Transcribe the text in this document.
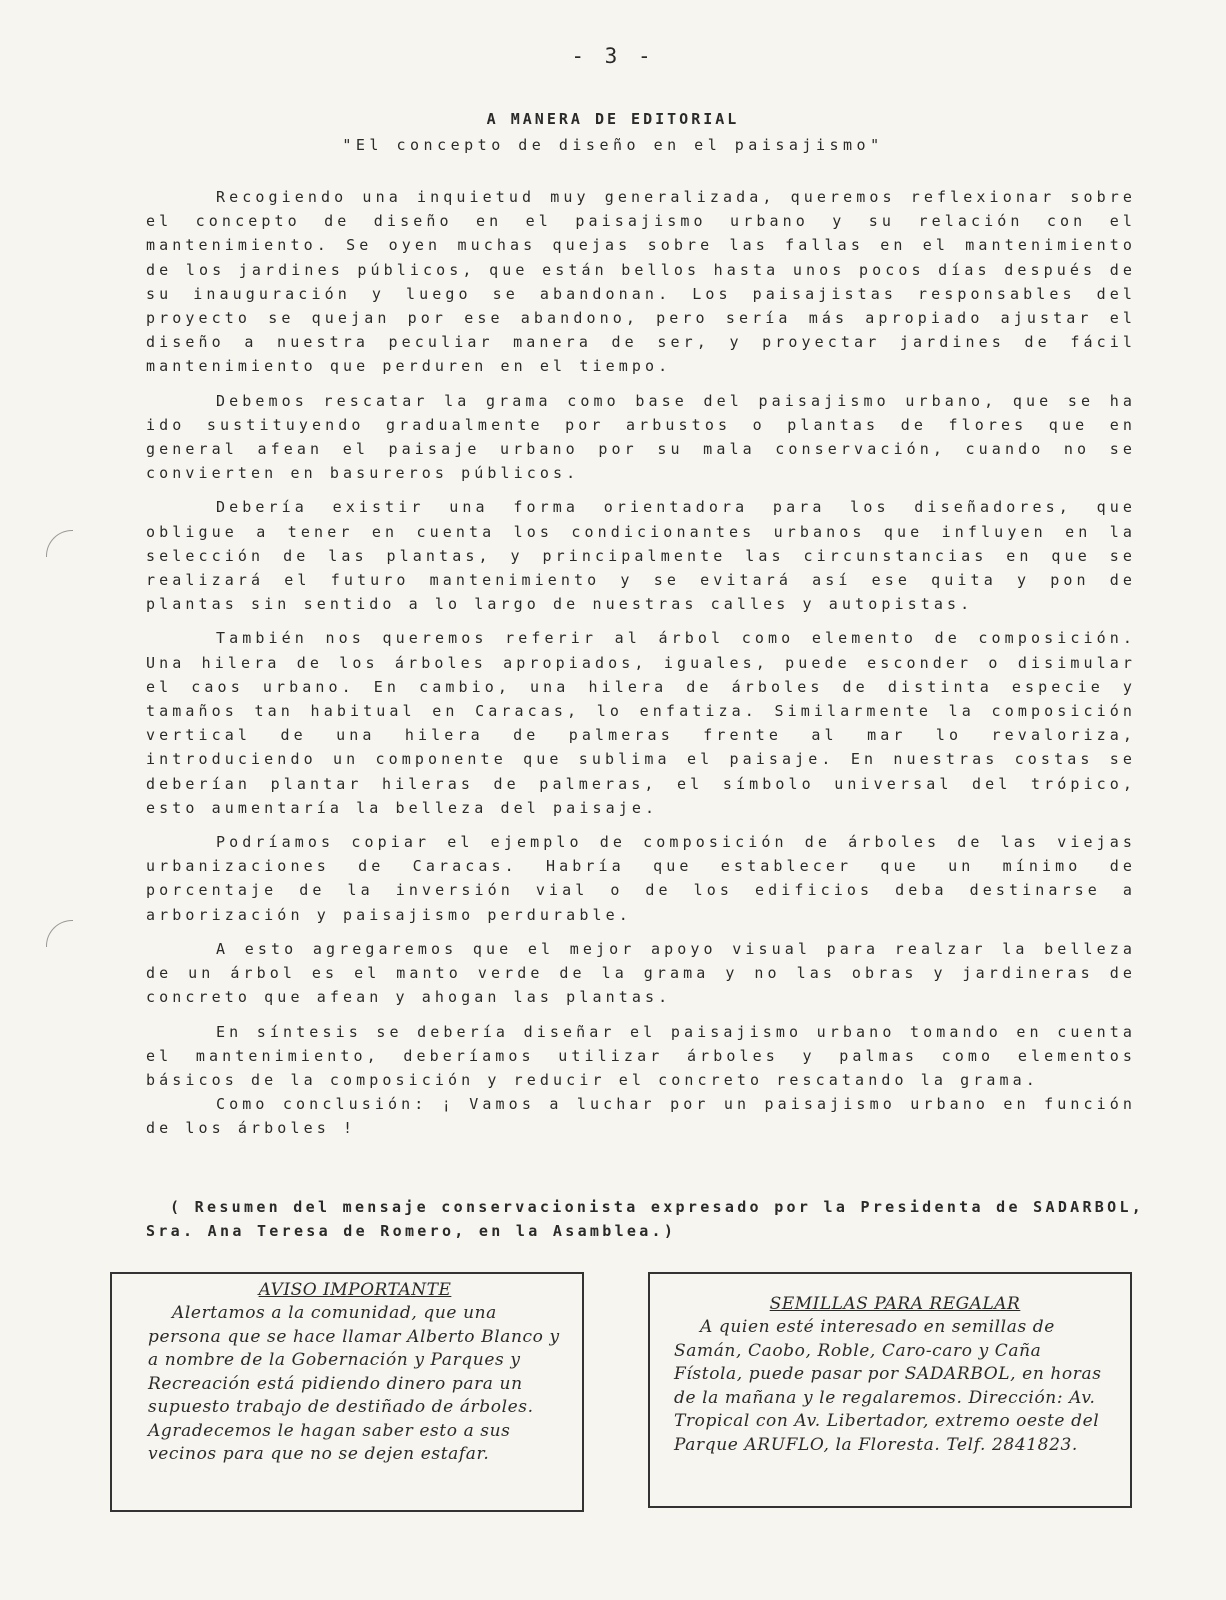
- 3 -
A MANERA DE EDITORIAL
"El concepto de diseño en el paisajismo"

Recogiendo una inquietud muy generalizada, queremos reflexionar sobre el concepto de diseño en el paisajismo urbano y su relación con el mantenimiento. Se oyen muchas quejas sobre las fallas en el mantenimiento de los jardines públicos, que están bellos hasta unos pocos días después de su inauguración y luego se abandonan. Los paisajistas responsables del proyecto se quejan por ese abandono, pero sería más apropiado ajustar el diseño a nuestra peculiar manera de ser, y proyectar jardines de fácil mantenimiento que perduren en el tiempo.

Debemos rescatar la grama como base del paisajismo urbano, que se ha ido sustituyendo gradualmente por arbustos o plantas de flores que en general afean el paisaje urbano por su mala conservación, cuando no se convierten en basureros públicos.

Debería existir una forma orientadora para los diseñadores, que obligue a tener en cuenta los condicionantes urbanos que influyen en la selección de las plantas, y principalmente las circunstancias en que se realizará el futuro mantenimiento y se evitará así ese quita y pon de plantas sin sentido a lo largo de nuestras calles y autopistas.

También nos queremos referir al árbol como elemento de composición. Una hilera de los árboles apropiados, iguales, puede esconder o disimular el caos urbano. En cambio, una hilera de árboles de distinta especie y tamaños tan habitual en Caracas, lo enfatiza. Similarmente la composición vertical de una hilera de palmeras frente al mar lo revaloriza, introduciendo un componente que sublima el paisaje. En nuestras costas se deberían plantar hileras de palmeras, el símbolo universal del trópico, esto aumentaría la belleza del paisaje.

Podríamos copiar el ejemplo de composición de árboles de las viejas urbanizaciones de Caracas. Habría que establecer que un mínimo de porcentaje de la inversión vial o de los edificios deba destinarse a arborización y paisajismo perdurable.

A esto agregaremos que el mejor apoyo visual para realzar la belleza de un árbol es el manto verde de la grama y no las obras y jardineras de concreto que afean y ahogan las plantas.

En síntesis se debería diseñar el paisajismo urbano tomando en cuenta el mantenimiento, deberíamos utilizar árboles y palmas como elementos básicos de la composición y reducir el concreto rescatando la grama.

Como conclusión: ¡ Vamos a luchar por un paisajismo urbano en función de los árboles !

( Resumen del mensaje conservacionista expresado por la Presidenta de SADARBOL, Sra. Ana Teresa de Romero, en la Asamblea.)
AVISO IMPORTANTE

Alertamos a la comunidad, que una persona que se hace llamar Alberto Blanco y a nombre de la Gobernación y Parques y Recreación está pidiendo dinero para un supuesto trabajo de destiñado de árboles. Agradecemos le hagan saber esto a sus vecinos para que no se dejen estafar.

SEMILLAS PARA REGALAR

A quien esté interesado en semillas de Samán, Caobo, Roble, Caro-caro y Caña Fístola, puede pasar por SADARBOL, en horas de la mañana y le regalaremos. Dirección: Av. Tropical con Av. Libertador, extremo oeste del Parque ARUFLO, la Floresta. Telf. 2841823.
